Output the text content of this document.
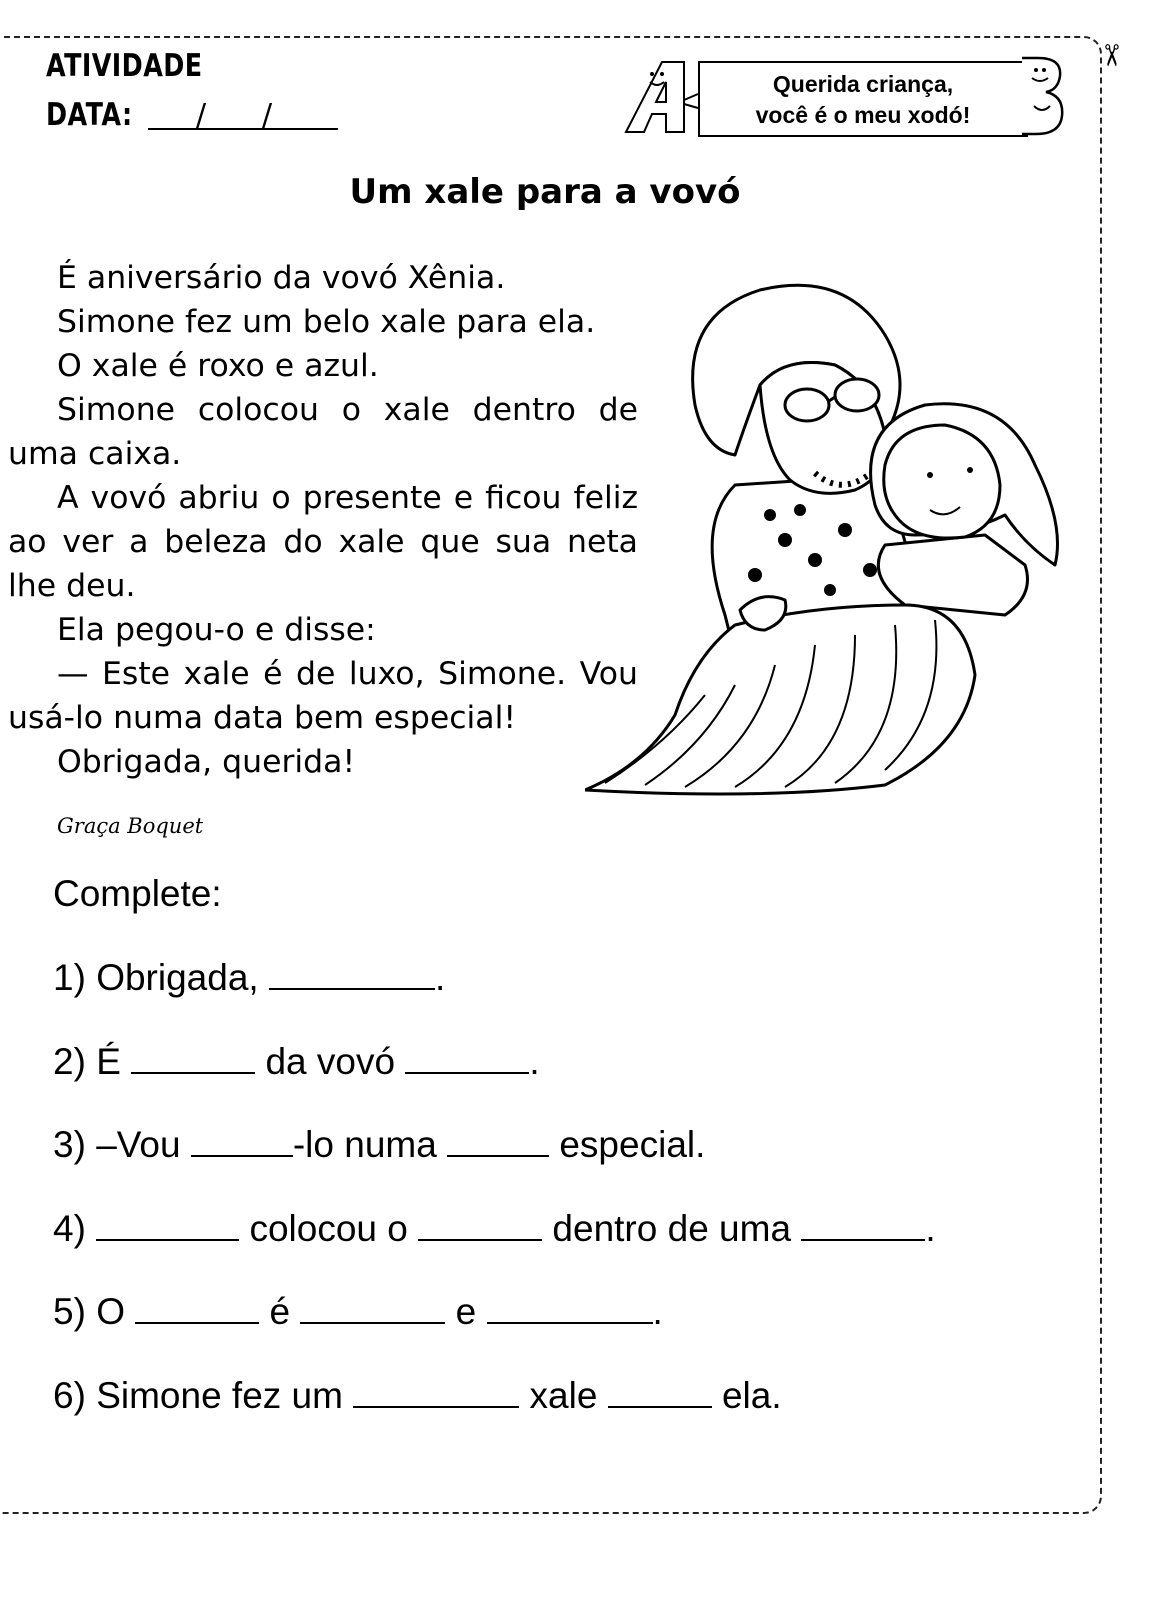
✂
ATIVIDADE
DATA: / /
Querida criança,
você é o meu xodó!
Um xale para a vovó

É aniversário da vovó Xênia.

Simone fez um belo xale para ela.

O xale é roxo e azul.

Simone colocou o xale dentro de uma caixa.

A vovó abriu o presente e ficou feliz ao ver a beleza do xale que sua neta lhe deu.

Ela pegou-o e disse:

— Este xale é de luxo, Simone. Vou usá-lo numa data bem especial!

Obrigada, querida!

Graça Boquet
Complete:
1) Obrigada,	.
2) É	da vovó	.
3) –Vou	-lo numa	especial.
4)	colocou o	dentro de uma	.
5) O	é	e	.
6) Simone fez um	xale	ela.
